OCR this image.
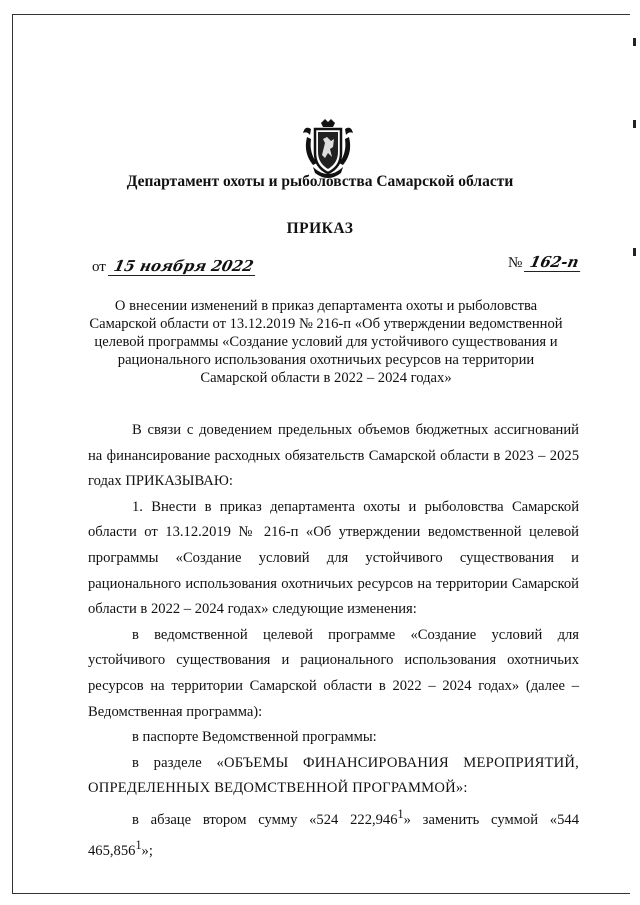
Департамент охоты и рыболовства Самарской области
ПРИКАЗ
от 15 ноября 2022	№ 162-п
О внесении изменений в приказ департамента охоты и рыболовства
Самарской области от 13.12.2019 № 216-п «Об утверждении ведомственной
целевой программы «Создание условий для устойчивого существования и
рационального использования охотничьих ресурсов на территории
Самарской области в 2022 – 2024 годах»

В связи с доведением предельных объемов бюджетных ассигнований на финансирование расходных обязательств Самарской области в 2023 – 2025 годах ПРИКАЗЫВАЮ:

1. Внести в приказ департамента охоты и рыболовства Самарской области от 13.12.2019 № 216-п «Об утверждении ведомственной целевой программы «Создание условий для устойчивого существования и рационального использования охотничьих ресурсов на территории Самарской области в 2022 – 2024 годах» следующие изменения:

в ведомственной целевой программе «Создание условий для устойчивого существования и рационального использования охотничьих ресурсов на территории Самарской области в 2022 – 2024 годах» (далее – Ведомственная программа):

в паспорте Ведомственной программы:

в разделе «ОБЪЕМЫ ФИНАНСИРОВАНИЯ МЕРОПРИЯТИЙ, ОПРЕДЕЛЕННЫХ ВЕДОМСТВЕННОЙ ПРОГРАММОЙ»:

в абзаце втором сумму «524 222,946$^1$» заменить суммой «544 465,856$^1$»;
